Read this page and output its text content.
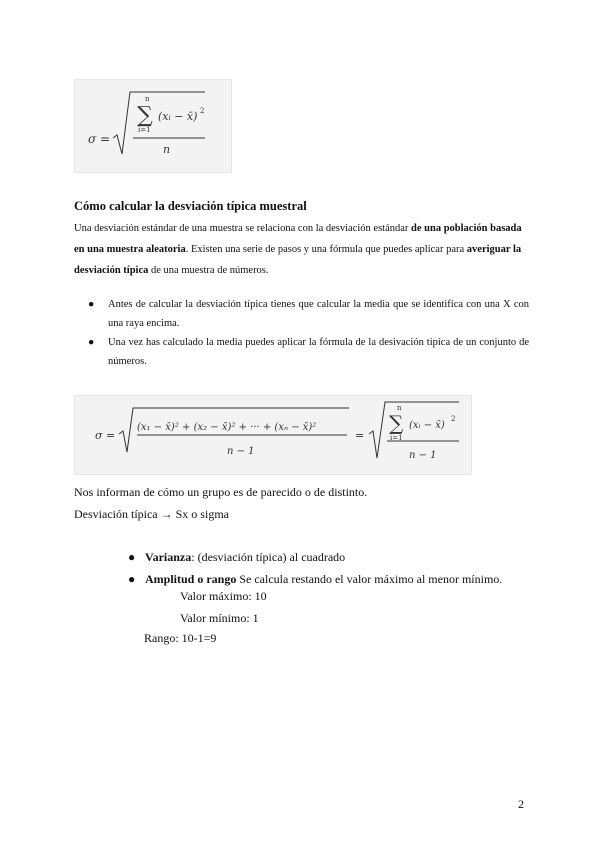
σ =
n
∑
i=1
(xᵢ − x̄) 2
n
Cómo calcular la desviación típica muestral

Una desviación estándar de una muestra se relaciona con la desviación estándar de una población basada en una muestra aleatoria. Existen una serie de pasos y una fórmula que puedes aplicar para averiguar la desviación típica de una muestra de números.

● Antes de calcular la desviación típica tienes que calcular la media que se identifica con una X con una raya encima.
● Una vez has calculado la media puedes aplicar la fórmula de la desivación típica de un conjunto de números.
σ =
(x₁ − x̄)² + (x₂ − x̄)² + ··· + (xₙ − x̄)²
n − 1
=
n
∑
i=1
(xᵢ − x̄)
2
n − 1

Nos informan de cómo un grupo es de parecido o de distinto.

Desviación típica → Sx o sigma

● Varianza: (desviación típica) al cuadrado
● Amplitud o rango Se calcula restando el valor máximo al menor mínimo.

Valor máximo: 10

Valor mínimo: 1

Rango: 10-1=9

2
